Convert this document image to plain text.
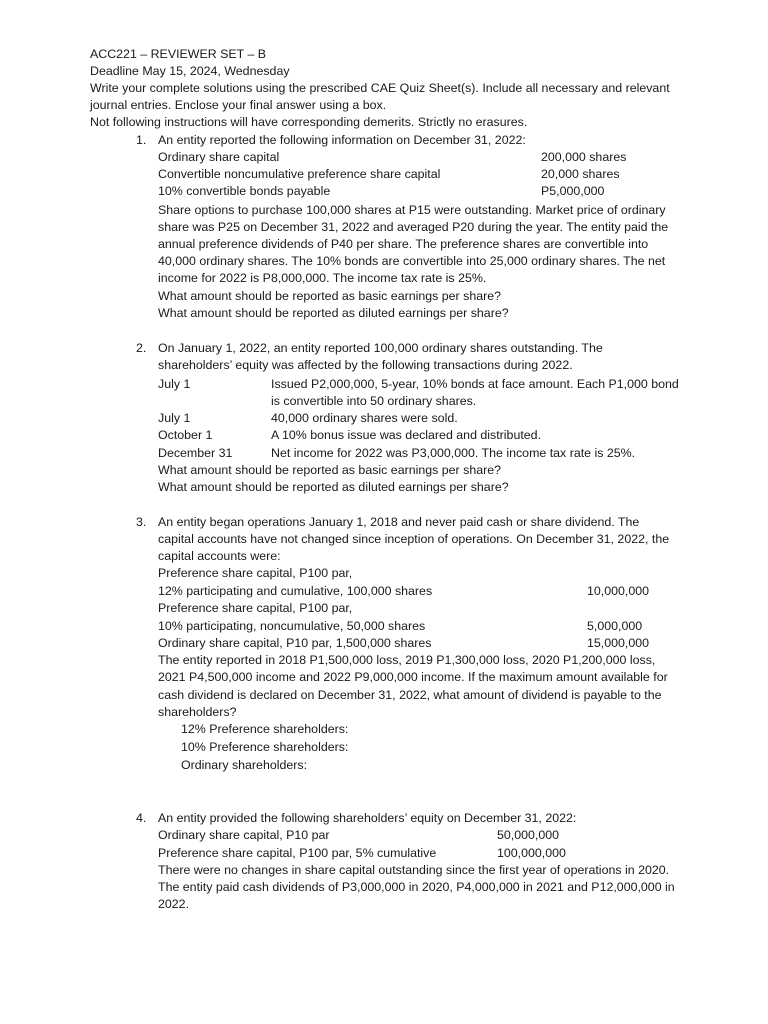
ACC221 – REVIEWER SET – B
Deadline May 15, 2024, Wednesday
Write your complete solutions using the prescribed CAE Quiz Sheet(s). Include all necessary and relevant
journal entries. Enclose your final answer using a box.
Not following instructions will have corresponding demerits. Strictly no erasures.
1. An entity reported the following information on December 31, 2022:
Ordinary share capital	200,000 shares
Convertible noncumulative preference share capital	20,000 shares
10% convertible bonds payable	P5,000,000
Share options to purchase 100,000 shares at P15 were outstanding. Market price of ordinary
share was P25 on December 31, 2022 and averaged P20 during the year. The entity paid the
annual preference dividends of P40 per share. The preference shares are convertible into
40,000 ordinary shares. The 10% bonds are convertible into 25,000 ordinary shares. The net
income for 2022 is P8,000,000. The income tax rate is 25%.
What amount should be reported as basic earnings per share?
What amount should be reported as diluted earnings per share?
2. On January 1, 2022, an entity reported 100,000 ordinary shares outstanding. The
shareholders’ equity was affected by the following transactions during 2022.
July 1	Issued P2,000,000, 5-year, 10% bonds at face amount. Each P1,000 bond
is convertible into 50 ordinary shares.
July 1	40,000 ordinary shares were sold.
October 1	A 10% bonus issue was declared and distributed.
December 31	Net income for 2022 was P3,000,000. The income tax rate is 25%.
What amount should be reported as basic earnings per share?
What amount should be reported as diluted earnings per share?
3. An entity began operations January 1, 2018 and never paid cash or share dividend. The
capital accounts have not changed since inception of operations. On December 31, 2022, the
capital accounts were:
Preference share capital, P100 par,
12% participating and cumulative, 100,000 shares	10,000,000
Preference share capital, P100 par,
10% participating, noncumulative, 50,000 shares	5,000,000
Ordinary share capital, P10 par, 1,500,000 shares	15,000,000
The entity reported in 2018 P1,500,000 loss, 2019 P1,300,000 loss, 2020 P1,200,000 loss,
2021 P4,500,000 income and 2022 P9,000,000 income. If the maximum amount available for
cash dividend is declared on December 31, 2022, what amount of dividend is payable to the
shareholders?
12% Preference shareholders:
10% Preference shareholders:
Ordinary shareholders:
4. An entity provided the following shareholders’ equity on December 31, 2022:
Ordinary share capital, P10 par	50,000,000
Preference share capital, P100 par, 5% cumulative	100,000,000
There were no changes in share capital outstanding since the first year of operations in 2020.
The entity paid cash dividends of P3,000,000 in 2020, P4,000,000 in 2021 and P12,000,000 in
2022.
